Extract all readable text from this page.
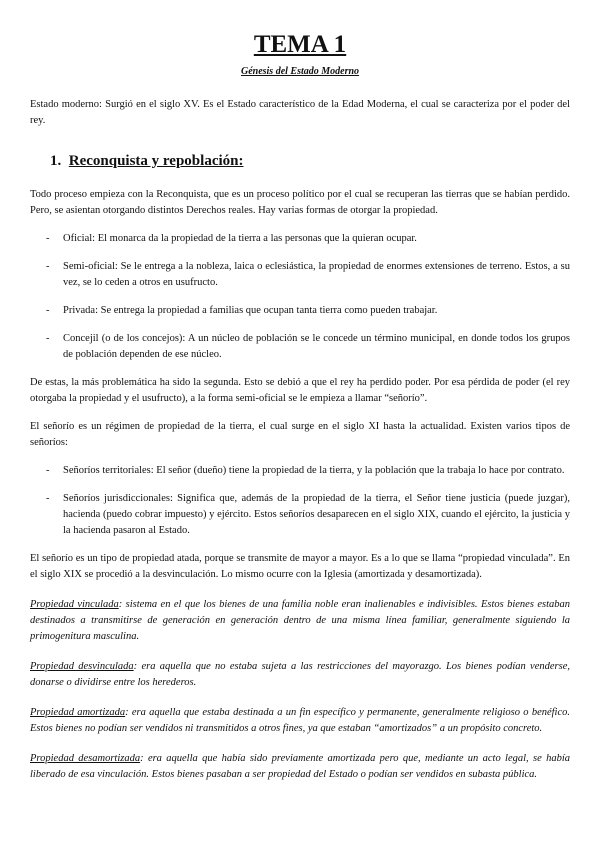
TEMA 1
Génesis del Estado Moderno

Estado moderno: Surgió en el siglo XV. Es el Estado característico de la Edad Moderna, el cual se caracteriza por el poder del rey.

1. Reconquista y repoblación:

Todo proceso empieza con la Reconquista, que es un proceso político por el cual se recuperan las tierras que se habían perdido. Pero, se asientan otorgando distintos Derechos reales. Hay varias formas de otorgar la propiedad.

- Oficial: El monarca da la propiedad de la tierra a las personas que la quieran ocupar.
- Semi-oficial: Se le entrega a la nobleza, laica o eclesiástica, la propiedad de enormes extensiones de terreno. Estos, a su vez, se lo ceden a otros en usufructo.
- Privada: Se entrega la propiedad a familias que ocupan tanta tierra como pueden trabajar.
- Concejil (o de los concejos): A un núcleo de población se le concede un término municipal, en donde todos los grupos de población dependen de ese núcleo.

De estas, la más problemática ha sido la segunda. Esto se debió a que el rey ha perdido poder. Por esa pérdida de poder (el rey otorgaba la propiedad y el usufructo), a la forma semi-oficial se le empieza a llamar “señorío”.

El señorío es un régimen de propiedad de la tierra, el cual surge en el siglo XI hasta la actualidad. Existen varios tipos de señoríos:

- Señoríos territoriales: El señor (dueño) tiene la propiedad de la tierra, y la población que la trabaja lo hace por contrato.
- Señoríos jurisdiccionales: Significa que, además de la propiedad de la tierra, el Señor tiene justicia (puede juzgar), hacienda (puedo cobrar impuesto) y ejército. Estos señoríos desaparecen en el siglo XIX, cuando el ejército, la justicia y la hacienda pasaron al Estado.

El señorío es un tipo de propiedad atada, porque se transmite de mayor a mayor. Es a lo que se llama “propiedad vinculada”. En el siglo XIX se procedió a la desvinculación. Lo mismo ocurre con la Iglesia (amortizada y desamortizada).

Propiedad vinculada: sistema en el que los bienes de una familia noble eran inalienables e indivisibles. Estos bienes estaban destinados a transmitirse de generación en generación dentro de una misma línea familiar, generalmente siguiendo la primogenitura masculina.

Propiedad desvinculada: era aquella que no estaba sujeta a las restricciones del mayorazgo. Los bienes podían venderse, donarse o dividirse entre los herederos.

Propiedad amortizada: era aquella que estaba destinada a un fin específico y permanente, generalmente religioso o benéfico. Estos bienes no podían ser vendidos ni transmitidos a otros fines, ya que estaban “amortizados” a un propósito concreto.

Propiedad desamortizada: era aquella que había sido previamente amortizada pero que, mediante un acto legal, se había liberado de esa vinculación. Estos bienes pasaban a ser propiedad del Estado o podían ser vendidos en subasta pública.
